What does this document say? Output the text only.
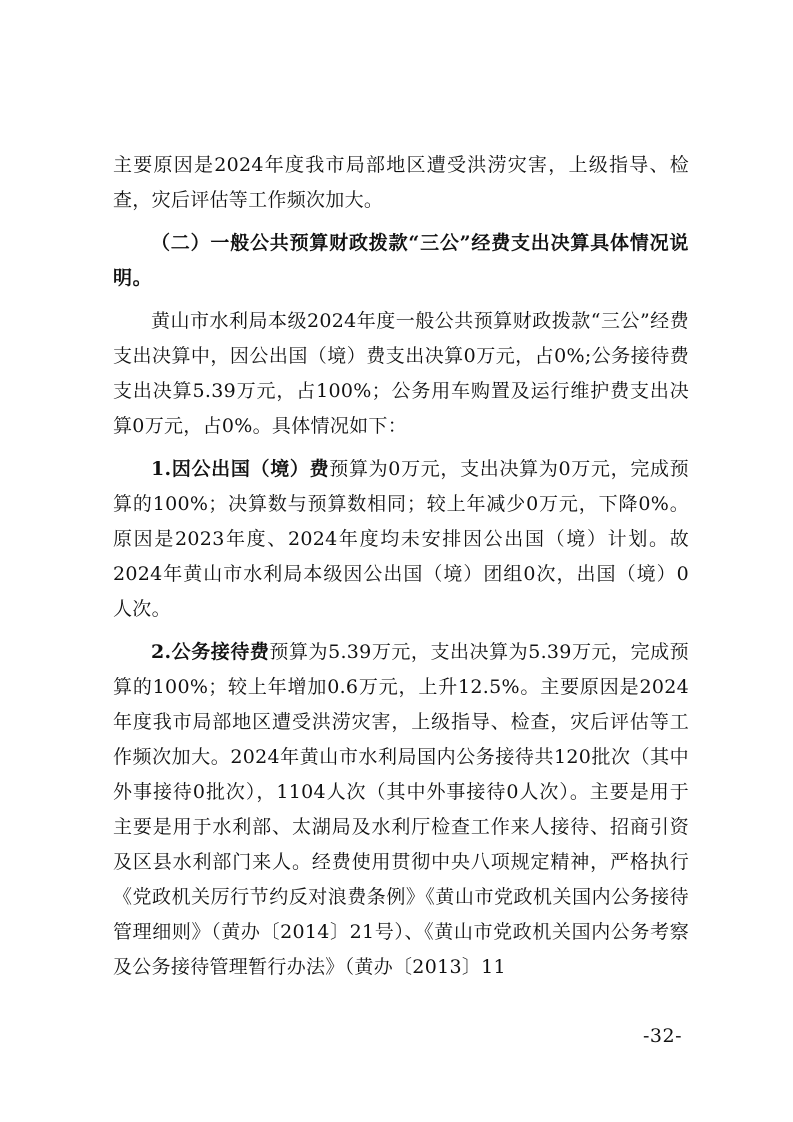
主要原因是2024年度我市局部地区遭受洪涝灾害，上级指导、检查，灾后评估等工作频次加大。

（二）一般公共预算财政拨款“三公”经费支出决算具体情况说明。

黄山市水利局本级2024年度一般公共预算财政拨款“三公”经费支出决算中，因公出国（境）费支出决算0万元，占0%;公务接待费支出决算5.39万元，占100%；公务用车购置及运行维护费支出决算0万元，占0%。具体情况如下：

1.因公出国（境）费预算为0万元，支出决算为0万元，完成预算的100%；决算数与预算数相同；较上年减少0万元，下降0%。原因是2023年度、2024年度均未安排因公出国（境）计划。故2024年黄山市水利局本级因公出国（境）团组0次，出国（境）0人次。

2.公务接待费预算为5.39万元，支出决算为5.39万元，完成预算的100%；较上年增加0.6万元，上升12.5%。主要原因是2024年度我市局部地区遭受洪涝灾害，上级指导、检查，灾后评估等工作频次加大。2024年黄山市水利局国内公务接待共120批次（其中外事接待0批次），1104人次（其中外事接待0人次）。主要是用于主要是用于水利部、太湖局及水利厅检查工作来人接待、招商引资及区县水利部门来人。经费使用贯彻中央八项规定精神，严格执行《党政机关厉行节约反对浪费条例》《黄山市党政机关国内公务接待管理细则》（黄办〔2014〕21号）、《黄山市党政机关国内公务考察及公务接待管理暂行办法》（黄办〔2013〕11

-32-
